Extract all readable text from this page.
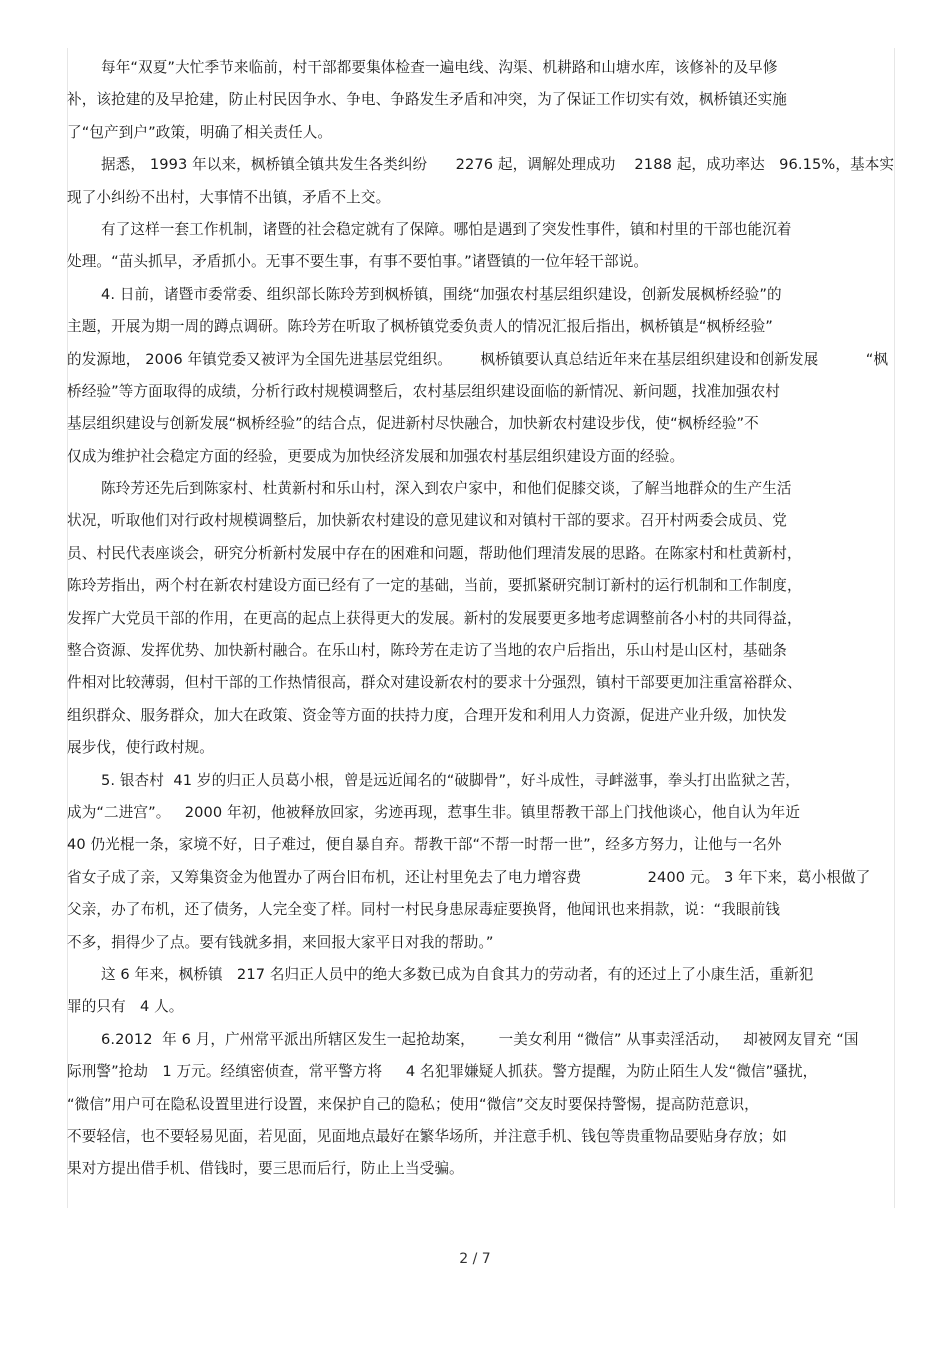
每年“双夏”大忙季节来临前，村干部都要集体检查一遍电线、沟渠、机耕路和山塘水库，该修补的及早修
补，该抢建的及早抢建，防止村民因争水、争电、争路发生矛盾和冲突，为了保证工作切实有效，枫桥镇还实施
了“包产到户”政策，明确了相关责任人。
据悉， 1993 年以来，枫桥镇全镇共发生各类纠纷      2276 起，调解处理成功    2188 起，成功率达   96.15%，基本实
现了小纠纷不出村，大事情不出镇，矛盾不上交。
有了这样一套工作机制，诸暨的社会稳定就有了保障。哪怕是遇到了突发性事件，镇和村里的干部也能沉着
处理。“苗头抓早，矛盾抓小。无事不要生事，有事不要怕事。”诸暨镇的一位年轻干部说。
4. 日前，诸暨市委常委、组织部长陈玲芳到枫桥镇，围绕“加强农村基层组织建设，创新发展枫桥经验”的
主题，开展为期一周的蹲点调研。陈玲芳在听取了枫桥镇党委负责人的情况汇报后指出，枫桥镇是“枫桥经验”
的发源地， 2006 年镇党委又被评为全国先进基层党组织。      枫桥镇要认真总结近年来在基层组织建设和创新发展          “枫
桥经验”等方面取得的成绩，分析行政村规模调整后，农村基层组织建设面临的新情况、新问题，找准加强农村
基层组织建设与创新发展“枫桥经验”的结合点，促进新村尽快融合，加快新农村建设步伐，使“枫桥经验”不
仅成为维护社会稳定方面的经验，更要成为加快经济发展和加强农村基层组织建设方面的经验。
陈玲芳还先后到陈家村、杜黄新村和乐山村，深入到农户家中，和他们促膝交谈，了解当地群众的生产生活
状况，听取他们对行政村规模调整后，加快新农村建设的意见建议和对镇村干部的要求。召开村两委会成员、党
员、村民代表座谈会，研究分析新村发展中存在的困难和问题，帮助他们理清发展的思路。在陈家村和杜黄新村，
陈玲芳指出，两个村在新农村建设方面已经有了一定的基础，当前，要抓紧研究制订新村的运行机制和工作制度，
发挥广大党员干部的作用，在更高的起点上获得更大的发展。新村的发展要更多地考虑调整前各小村的共同得益，
整合资源、发挥优势、加快新村融合。在乐山村，陈玲芳在走访了当地的农户后指出，乐山村是山区村，基础条
件相对比较薄弱，但村干部的工作热情很高，群众对建设新农村的要求十分强烈，镇村干部要更加注重富裕群众、
组织群众、服务群众，加大在政策、资金等方面的扶持力度，合理开发和利用人力资源，促进产业升级，加快发
展步伐，使行政村规。
5. 银杏村  41 岁的归正人员葛小根，曾是远近闻名的“破脚骨”，好斗成性，寻衅滋事，拳头打出监狱之苦，
成为“二进宫”。   2000 年初，他被释放回家，劣迹再现，惹事生非。镇里帮教干部上门找他谈心，他自认为年近
40 仍光棍一条，家境不好，日子难过，便自暴自弃。帮教干部“不帮一时帮一世”，经多方努力，让他与一名外
省女子成了亲，又筹集资金为他置办了两台旧布机，还让村里免去了电力增容费              2400 元。 3 年下来，葛小根做了
父亲，办了布机，还了债务，人完全变了样。同村一村民身患尿毒症要换肾，他闻讯也来捐款，说：“我眼前钱
不多，捐得少了点。要有钱就多捐，来回报大家平日对我的帮助。”
这 6 年来，枫桥镇   217 名归正人员中的绝大多数已成为自食其力的劳动者，有的还过上了小康生活，重新犯
罪的只有   4 人。
6.2012  年 6 月，广州常平派出所辖区发生一起抢劫案，     一美女利用 “微信” 从事卖淫活动，   却被网友冒充 “国
际刑警”抢劫   1 万元。经缜密侦查，常平警方将     4 名犯罪嫌疑人抓获。警方提醒，为防止陌生人发“微信”骚扰，
“微信”用户可在隐私设置里进行设置，来保护自己的隐私；使用“微信”交友时要保持警惕，提高防范意识，
不要轻信，也不要轻易见面，若见面，见面地点最好在繁华场所，并注意手机、钱包等贵重物品要贴身存放；如
果对方提出借手机、借钱时，要三思而后行，防止上当受骗。
2 / 7
